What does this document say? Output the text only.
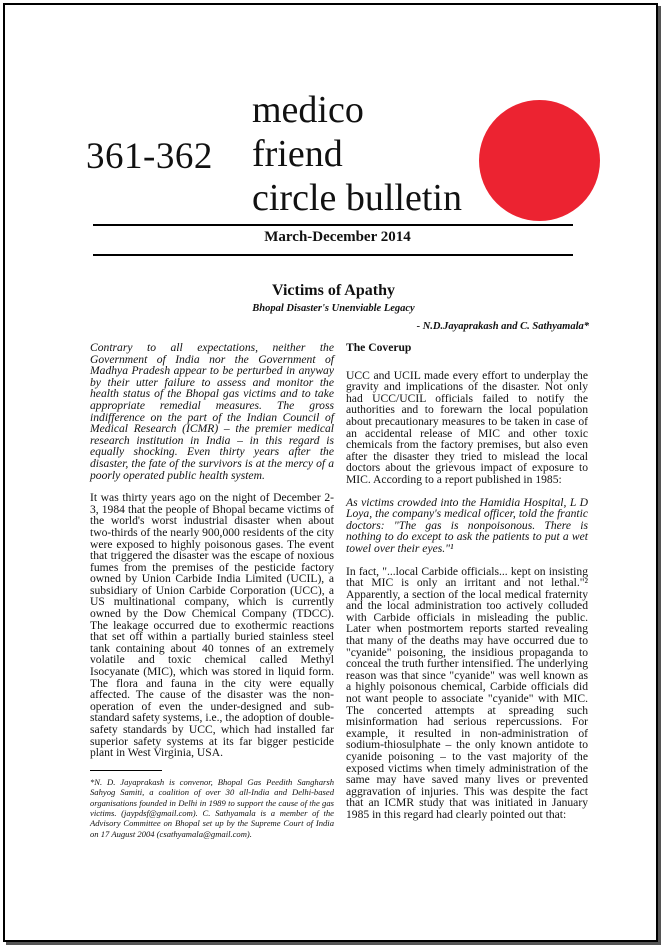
361-362
medico
friend
circle bulletin
March-December 2014
Victims of Apathy
Bhopal Disaster's Unenviable Legacy
- N.D.Jayaprakash and C. Sathyamala*

Contrary to all expectations, neither the Government of India nor the Government of Madhya Pradesh appear to be perturbed in anyway by their utter failure to assess and monitor the health status of the Bhopal gas victims and to take appropriate remedial measures. The gross indifference on the part of the Indian Council of Medical Research (ICMR) – the premier medical research institution in India – in this regard is equally shocking. Even thirty years after the disaster, the fate of the survivors is at the mercy of a poorly operated public health system.

It was thirty years ago on the night of December 2-3, 1984 that the people of Bhopal became victims of the world's worst industrial disaster when about two-thirds of the nearly 900,000 residents of the city were exposed to highly poisonous gases. The event that triggered the disaster was the escape of noxious fumes from the premises of the pesticide factory owned by Union Carbide India Limited (UCIL), a subsidiary of Union Carbide Corporation (UCC), a US multinational company, which is currently owned by the Dow Chemical Company (TDCC). The leakage occurred due to exothermic reactions that set off within a partially buried stainless steel tank containing about 40 tonnes of an extremely volatile and toxic chemical called Methyl Isocyanate (MIC), which was stored in liquid form. The flora and fauna in the city were equally affected. The cause of the disaster was the non-operation of even the under-designed and sub-standard safety systems, i.e., the adoption of double-safety standards by UCC, which had installed far superior safety systems at its far bigger pesticide plant in West Virginia, USA.

*N. D. Jayaprakash is convenor, Bhopal Gas Peedith Sangharsh Sahyog Samiti, a coalition of over 30 all-India and Delhi-based organisations founded in Delhi in 1989 to support the cause of the gas victims. (jaypdsf@gmail.com). C. Sathyamala is a member of the Advisory Committee on Bhopal set up by the Supreme Court of India on 17 August 2004 (csathyamala@gmail.com).
The Coverup

UCC and UCIL made every effort to underplay the gravity and implications of the disaster. Not only had UCC/UCIL officials failed to notify the authorities and to forewarn the local population about precautionary measures to be taken in case of an accidental release of MIC and other toxic chemicals from the factory premises, but also even after the disaster they tried to mislead the local doctors about the grievous impact of exposure to MIC. According to a report published in 1985:

As victims crowded into the Hamidia Hospital, L D Loya, the company's medical officer, told the frantic doctors: "The gas is nonpoisonous. There is nothing to do except to ask the patients to put a wet towel over their eyes."¹

In fact, "...local Carbide officials... kept on insisting that MIC is only an irritant and not lethal."² Apparently, a section of the local medical fraternity and the local administration too actively colluded with Carbide officials in misleading the public. Later when postmortem reports started revealing that many of the deaths may have occurred due to "cyanide" poisoning, the insidious propaganda to conceal the truth further intensified. The underlying reason was that since "cyanide" was well known as a highly poisonous chemical, Carbide officials did not want people to associate "cyanide" with MIC. The concerted attempts at spreading such misinformation had serious repercussions. For example, it resulted in non-administration of sodium-thiosulphate – the only known antidote to cyanide poisoning – to the vast majority of the exposed victims when timely administration of the same may have saved many lives or prevented aggravation of injuries. This was despite the fact that an ICMR study that was initiated in January 1985 in this regard had clearly pointed out that:
